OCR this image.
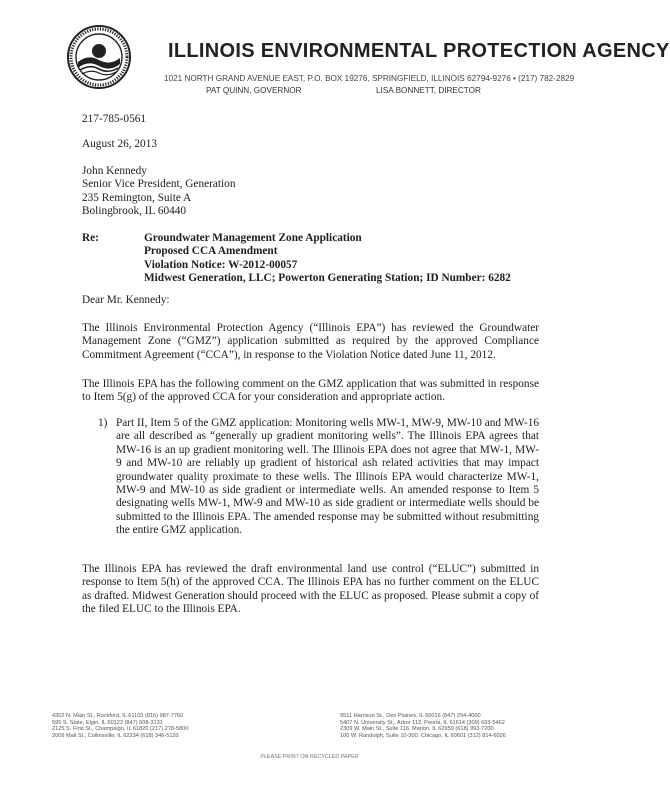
ILLINOIS ENVIRONMENTAL PROTECTION AGENCY
1021 NORTH GRAND AVENUE EAST, P.O. BOX 19276, SPRINGFIELD, ILLINOIS 62794-9276 • (217) 782-2829
PAT QUINN, GOVERNOR	LISA BONNETT, DIRECTOR
217-785-0561
August 26, 2013
John Kennedy
Senior Vice President, Generation
235 Remington, Suite A
Bolingbrook, IL 60440
Re:	Groundwater Management Zone Application
Proposed CCA Amendment
Violation Notice: W-2012-00057
Midwest Generation, LLC; Powerton Generating Station; ID Number: 6282
Dear Mr. Kennedy:
The Illinois Environmental Protection Agency (“Illinois EPA”) has reviewed the Groundwater Management Zone (“GMZ”) application submitted as required by the approved Compliance Commitment Agreement (“CCA”), in response to the Violation Notice dated June 11, 2012.
The Illinois EPA has the following comment on the GMZ application that was submitted in response to Item 5(g) of the approved CCA for your consideration and appropriate action.
1) Part II, Item 5 of the GMZ application: Monitoring wells MW-1, MW-9, MW-10 and MW-16 are all described as “generally up gradient monitoring wells”. The Illinois EPA agrees that MW-16 is an up gradient monitoring well. The Illinois EPA does not agree that MW-1, MW-9 and MW-10 are reliably up gradient of historical ash related activities that may impact groundwater quality proximate to these wells. The Illinois EPA would characterize MW-1, MW-9 and MW-10 as side gradient or intermediate wells. An amended response to Item 5 designating wells MW-1, MW-9 and MW-10 as side gradient or intermediate wells should be submitted to the Illinois EPA. The amended response may be submitted without resubmitting the entire GMZ application.
The Illinois EPA has reviewed the draft environmental land use control (“ELUC”) submitted in response to Item 5(h) of the approved CCA. The Illinois EPA has no further comment on the ELUC as drafted. Midwest Generation should proceed with the ELUC as proposed. Please submit a copy of the filed ELUC to the Illinois EPA.
4302 N. Main St., Rockford, IL 61103 (815) 987-7760
595 S. State, Elgin, IL 60123 (847) 608-3131
2125 S. First St., Champaign, IL 61820 (217) 278-5800
2009 Mall St., Collinsville, IL 62234 (618) 346-5120
9511 Harrison St., Des Plaines, IL 60016 (847) 294-4000
5407 N. University St., Arbor 113, Peoria, IL 61614 (309) 693-5462
2309 W. Main St., Suite 116, Marion, IL 62959 (618) 993-7200
100 W. Randolph, Suite 10-300, Chicago, IL 60601 (312) 814-6026
PLEASE PRINT ON RECYCLED PAPER
